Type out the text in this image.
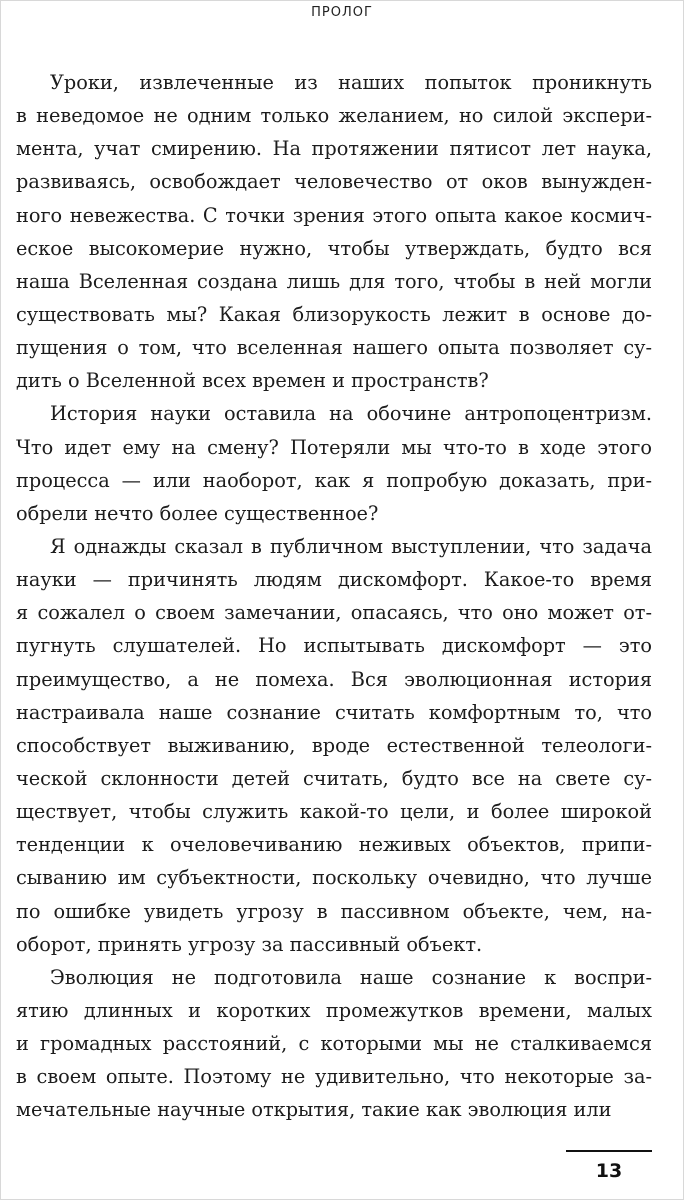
ПРОЛОГ
Уроки, извлеченные из наших попыток проникнуть
в неведомое не одним только желанием, но силой экспери-
мента, учат смирению. На протяжении пятисот лет наука,
развиваясь, освобождает человечество от оков вынужден-
ного невежества. С точки зрения этого опыта какое космич-
еское высокомерие нужно, чтобы утверждать, будто вся
наша Вселенная создана лишь для того, чтобы в ней могли
существовать мы? Какая близорукость лежит в основе до-
пущения о том, что вселенная нашего опыта позволяет су-
дить о Вселенной всех времен и пространств?
История науки оставила на обочине антропоцентризм.
Что идет ему на смену? Потеряли мы что-то в ходе этого
процесса — или наоборот, как я попробую доказать, при-
обрели нечто более существенное?
Я однажды сказал в публичном выступлении, что задача
науки — причинять людям дискомфорт. Какое-то время
я сожалел о своем замечании, опасаясь, что оно может от-
пугнуть слушателей. Но испытывать дискомфорт — это
преимущество, а не помеха. Вся эволюционная история
настраивала наше сознание считать комфортным то, что
способствует выживанию, вроде естественной телеологи-
ческой склонности детей считать, будто все на свете су-
ществует, чтобы служить какой-то цели, и более широкой
тенденции к очеловечиванию неживых объектов, припи-
сыванию им субъектности, поскольку очевидно, что лучше
по ошибке увидеть угрозу в пассивном объекте, чем, на-
оборот, принять угрозу за пассивный объект.
Эволюция не подготовила наше сознание к воспри-
ятию длинных и коротких промежутков времени, малых
и громадных расстояний, с которыми мы не сталкиваемся
в своем опыте. Поэтому не удивительно, что некоторые за-
мечательные научные открытия, такие как эволюция или
13
